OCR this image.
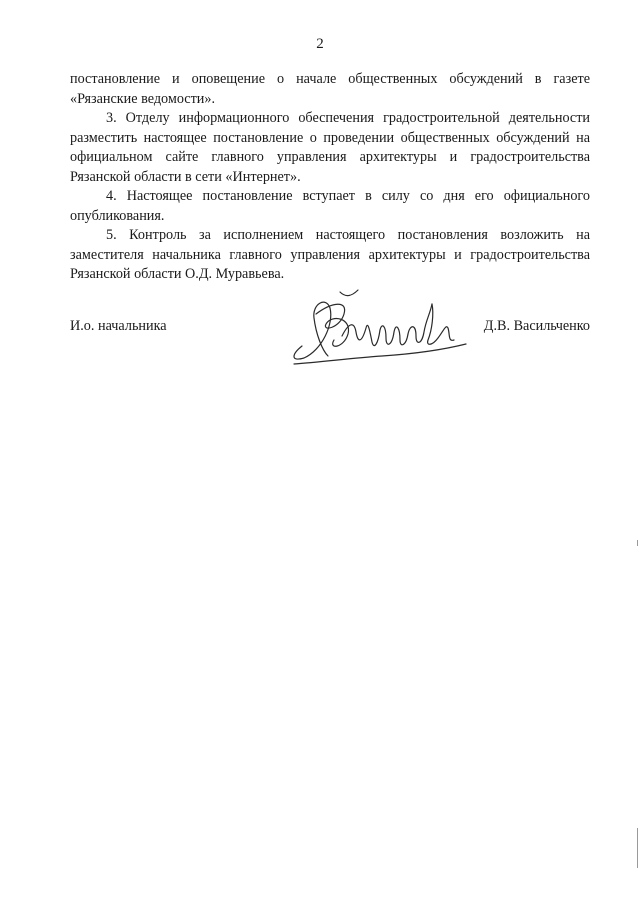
2

постановление и оповещение о начале общественных обсуждений в газете «Рязанские ведомости».

3. Отделу информационного обеспечения градостроительной деятельности разместить настоящее постановление о проведении общественных обсуждений на официальном сайте главного управления архитектуры и градостроительства Рязанской области в сети «Интернет».

4. Настоящее постановление вступает в силу со дня его официального опубликования.

5. Контроль за исполнением настоящего постановления возложить на заместителя начальника главного управления архитектуры и градостроительства Рязанской области О.Д. Муравьева.

И.о. начальника	Д.В. Васильченко
